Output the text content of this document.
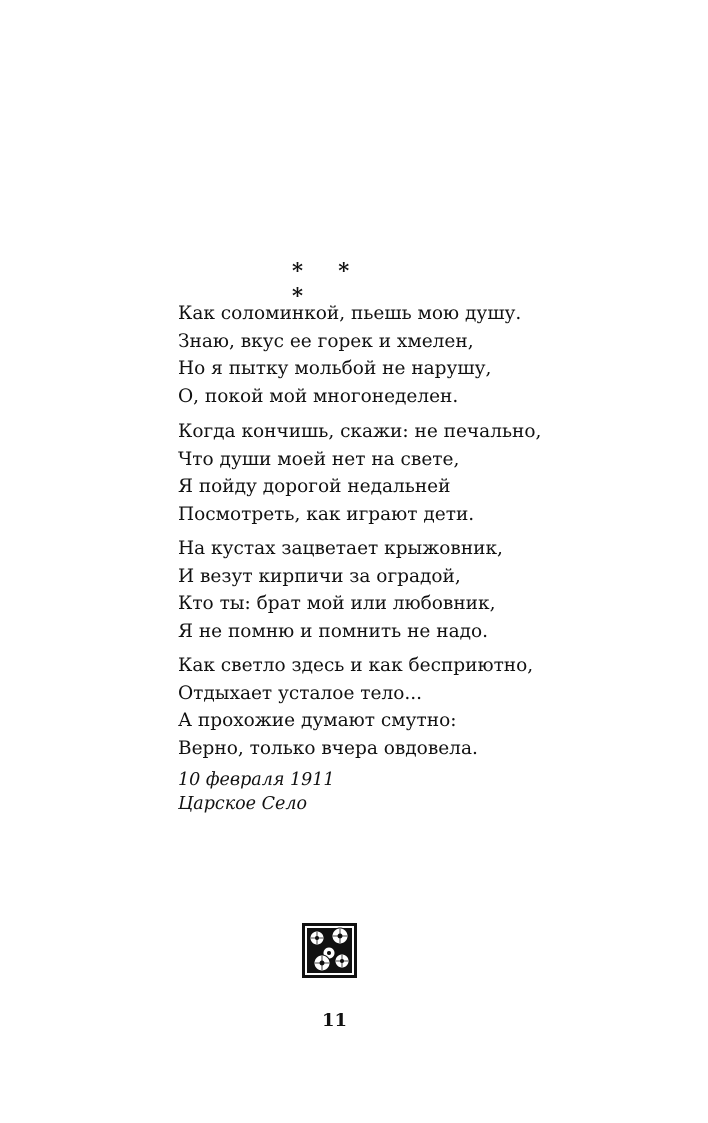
* * *
Как соломинкой, пьешь мою душу.
Знаю, вкус ее горек и хмелен,
Но я пытку мольбой не нарушу,
О, покой мой многонеделен.
Когда кончишь, скажи: не печально,
Что души моей нет на свете,
Я пойду дорогой недальней
Посмотреть, как играют дети.
На кустах зацветает крыжовник,
И везут кирпичи за оградой,
Кто ты: брат мой или любовник,
Я не помню и помнить не надо.
Как светло здесь и как бесприютно,
Отдыхает усталое тело...
А прохожие думают смутно:
Верно, только вчера овдовела.
10 февраля 1911
Царское Село
11
